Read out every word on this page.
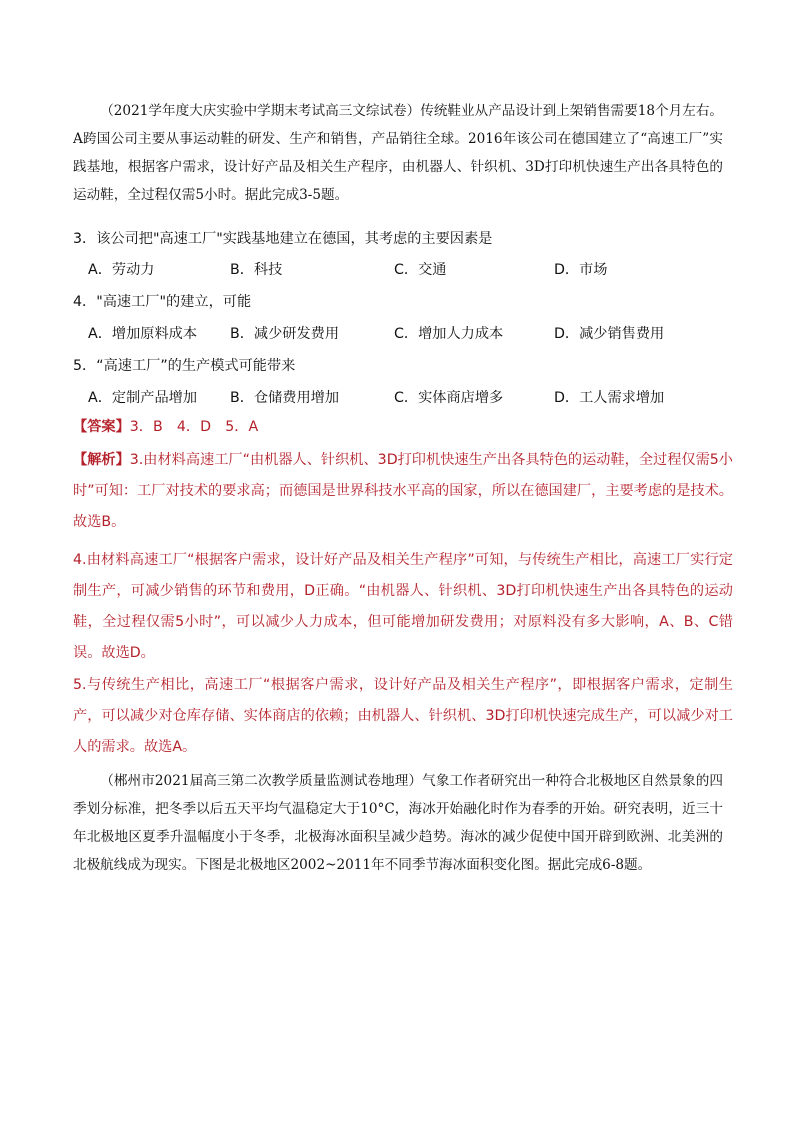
（2021学年度大庆实验中学期末考试高三文综试卷）传统鞋业从产品设计到上架销售需要18个月左右。A跨国公司主要从事运动鞋的研发、生产和销售，产品销往全球。2016年该公司在德国建立了“高速工厂”实践基地，根据客户需求，设计好产品及相关生产程序，由机器人、针织机、3D打印机快速生产出各具特色的运动鞋，全过程仅需5小时。据此完成3-5题。

3．该公司把"高速工厂"实践基地建立在德国，其考虑的主要因素是

A．劳动力	B．科技	C．交通	D．市场

4．"高速工厂"的建立，可能

A．增加原料成本 B．减少研发费用	C．增加人力成本	D．减少销售费用

5．“高速工厂”的生产模式可能带来

A．定制产品增加 B．仓储费用增加	C．实体商店增多	D．工人需求增加

【答案】3．B　4．D　5．A

【解析】3.由材料高速工厂“由机器人、针织机、3D打印机快速生产出各具特色的运动鞋，全过程仅需5小时”可知：工厂对技术的要求高；而德国是世界科技水平高的国家，所以在德国建厂，主要考虑的是技术。故选B。

4.由材料高速工厂“根据客户需求，设计好产品及相关生产程序”可知，与传统生产相比，高速工厂实行定制生产，可减少销售的环节和费用，D正确。“由机器人、针织机、3D打印机快速生产出各具特色的运动鞋，全过程仅需5小时”，可以减少人力成本，但可能增加研发费用；对原料没有多大影响，A、B、C错误。故选D。

5.与传统生产相比，高速工厂“根据客户需求，设计好产品及相关生产程序”，即根据客户需求，定制生产，可以减少对仓库存储、实体商店的依赖；由机器人、针织机、3D打印机快速完成生产，可以减少对工人的需求。故选A。

（郴州市2021届高三第二次教学质量监测试卷地理）气象工作者研究出一种符合北极地区自然景象的四季划分标准，把冬季以后五天平均气温稳定大于10°C，海冰开始融化时作为春季的开始。研究表明，近三十年北极地区夏季升温幅度小于冬季，北极海冰面积呈减少趋势。海冰的减少促使中国开辟到欧洲、北美洲的北极航线成为现实。下图是北极地区2002~2011年不同季节海冰面积变化图。据此完成6-8题。
